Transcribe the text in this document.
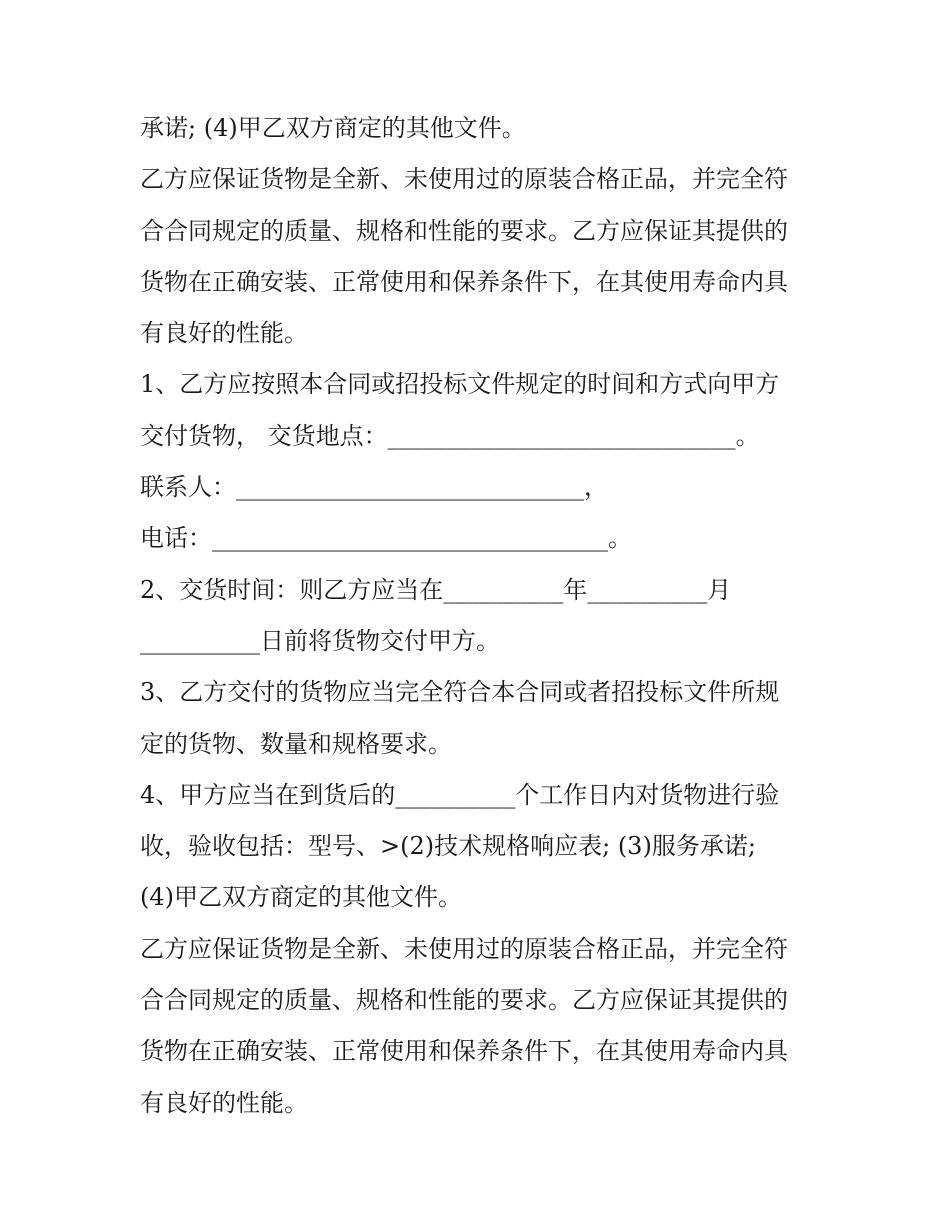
承诺; (4)甲乙双方商定的其他文件。
乙方应保证货物是全新、未使用过的原装合格正品，并完全符
合合同规定的质量、规格和性能的要求。乙方应保证其提供的
货物在正确安装、正常使用和保养条件下，在其使用寿命内具
有良好的性能。
1、乙方应按照本合同或招投标文件规定的时间和方式向甲方
交付货物， 交货地点：_____________________________。
联系人：_____________________________，
电话：_________________________________。
2、交货时间：则乙方应当在__________年__________月
__________日前将货物交付甲方。
3、乙方交付的货物应当完全符合本合同或者招投标文件所规
定的货物、数量和规格要求。
4、甲方应当在到货后的__________个工作日内对货物进行验
收，验收包括：型号、>(2)技术规格响应表; (3)服务承诺;
(4)甲乙双方商定的其他文件。
乙方应保证货物是全新、未使用过的原装合格正品，并完全符
合合同规定的质量、规格和性能的要求。乙方应保证其提供的
货物在正确安装、正常使用和保养条件下，在其使用寿命内具
有良好的性能。
